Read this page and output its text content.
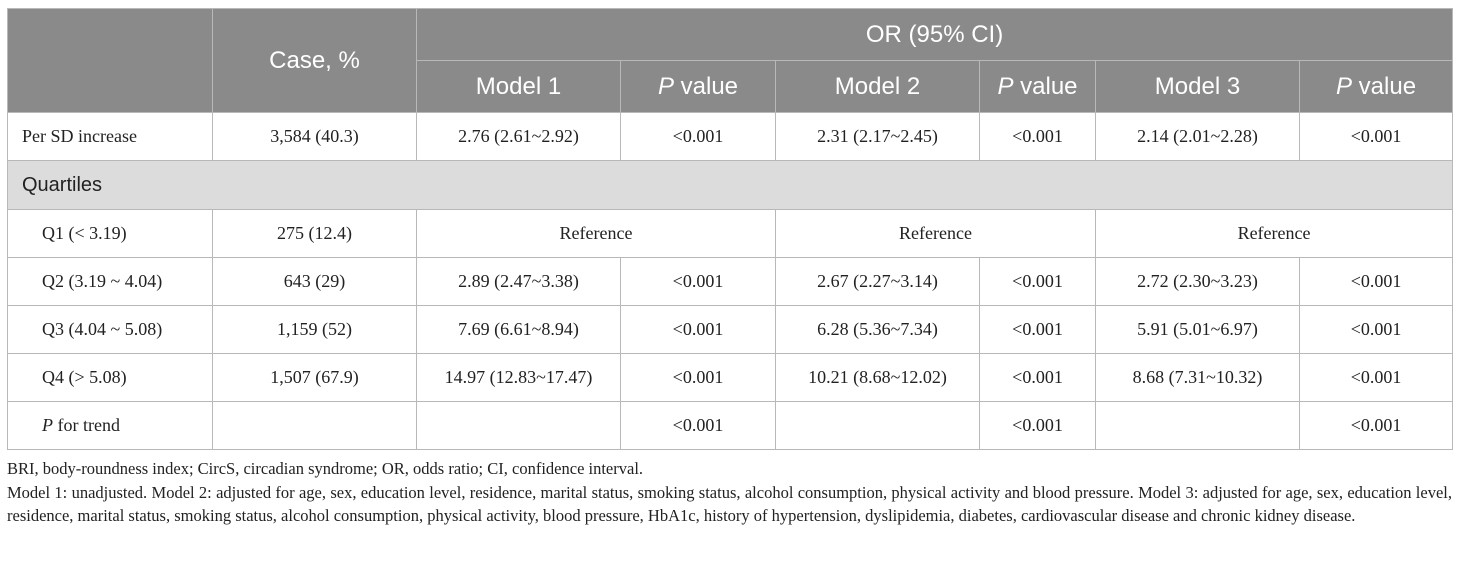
	Case, %	OR (95% CI)					
		Model 1	P value	Model 2	P value	Model 3	P value
Per SD increase	3,584 (40.3)	2.76 (2.61~2.92)	<0.001	2.31 (2.17~2.45)	<0.001	2.14 (2.01~2.28)	<0.001
Quartiles							
Q1 (< 3.19)	275 (12.4)	Reference		Reference		Reference	
Q2 (3.19 ~ 4.04)	643 (29)	2.89 (2.47~3.38)	<0.001	2.67 (2.27~3.14)	<0.001	2.72 (2.30~3.23)	<0.001
Q3 (4.04 ~ 5.08)	1,159 (52)	7.69 (6.61~8.94)	<0.001	6.28 (5.36~7.34)	<0.001	5.91 (5.01~6.97)	<0.001
Q4 (> 5.08)	1,507 (67.9)	14.97 (12.83~17.47)	<0.001	10.21 (8.68~12.02)	<0.001	8.68 (7.31~10.32)	<0.001
P for trend			<0.001		<0.001		<0.001

BRI, body-roundness index; CircS, circadian syndrome; OR, odds ratio; CI, confidence interval.

Model 1: unadjusted. Model 2: adjusted for age, sex, education level, residence, marital status, smoking status, alcohol consumption, physical activity and blood pressure. Model 3: adjusted for age, sex, education level, residence, marital status, smoking status, alcohol consumption, physical activity, blood pressure, HbA1c, history of hypertension, dyslipidemia, diabetes, cardiovascular disease and chronic kidney disease.
